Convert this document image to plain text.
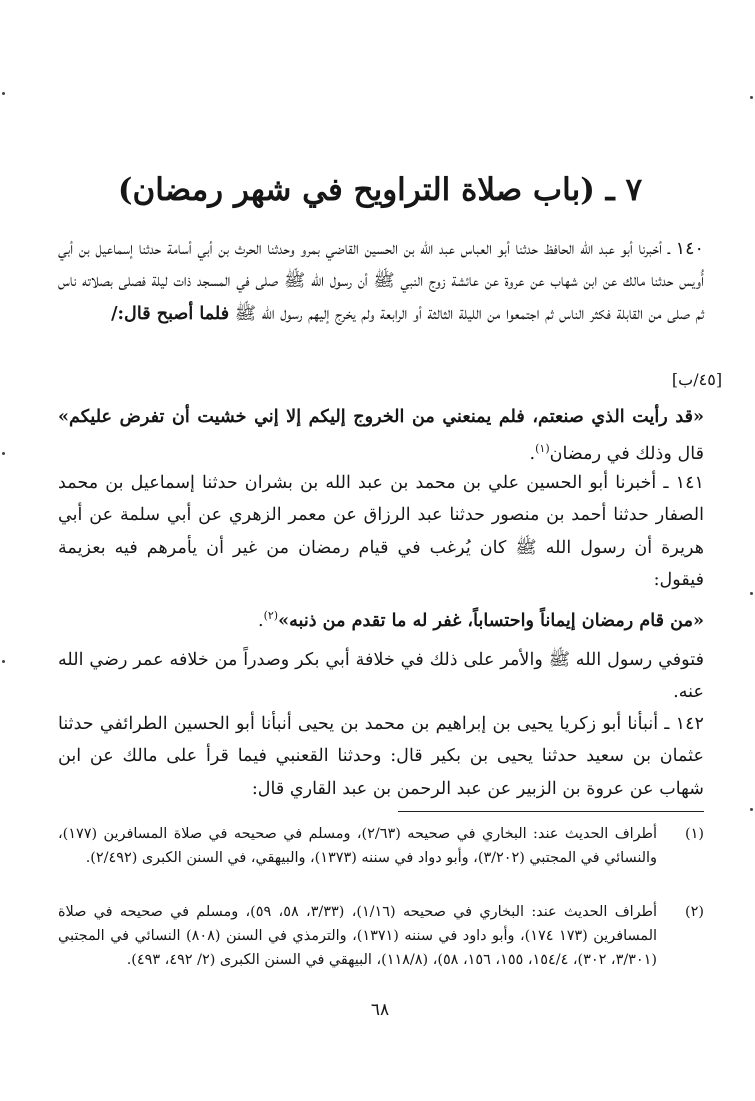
٧ ـ (باب صلاة التراويح في شهر رمضان)

١٤٠ ـ أخبرنا أبو عبد الله الحافظ حدثنا أبو العباس عبد الله بن الحسين القاضي بمرو وحدثنا الحرث بن أبي أسامة حدثنا إسماعيل بن أبي أُويس حدثنا مالك عن ابن شهاب عن عروة عن عائشة زوج النبي ﷺ أن رسول الله ﷺ صلى في المسجد ذات ليلة فصلى بصلاته ناس ثم صلى من القابلة فكثر الناس ثم اجتمعوا من الليلة الثالثة أو الرابعة ولم يخرج إليهم رسول الله ﷺ فلما أصبح قال:/

[٤٥/ب]

«قد رأيت الذي صنعتم، فلم يمنعني من الخروج إليكم إلا إني خشيت أن تفرض عليكم» قال وذلك في رمضان$^{(١)}$.

١٤١ ـ أخبرنا أبو الحسين علي بن محمد بن عبد الله بن بشران حدثنا إسماعيل بن محمد الصفار حدثنا أحمد بن منصور حدثنا عبد الرزاق عن معمر الزهري عن أبي سلمة عن أبي هريرة أن رسول الله ﷺ كان يُرغب في قيام رمضان من غير أن يأمرهم فيه بعزيمة فيقول:

«من قام رمضان إيماناً واحتساباً، غفر له ما تقدم من ذنبه»$^{(٢)}$.

فتوفي رسول الله ﷺ والأمر على ذلك في خلافة أبي بكر وصدراً من خلافه عمر رضي الله عنه.

١٤٢ ـ أنبأنا أبو زكريا يحيى بن إبراهيم بن محمد بن يحيى أنبأنا أبو الحسين الطرائفي حدثنا عثمان بن سعيد حدثنا يحيى بن بكير قال: وحدثنا القعنبي فيما قرأ على مالك عن ابن شهاب عن عروة بن الزبير عن عبد الرحمن بن عبد القاري قال:

(١)
أطراف الحديث عند: البخاري في صحيحه (٢/٦٣)، ومسلم في صحيحه في صلاة المسافرين (١٧٧)، والنسائي في المجتبي (٣/٢٠٢)، وأبو دواد في سننه (١٣٧٣)، والبيهقي، في السنن الكبرى (٢/٤٩٢).
(٢)
أطراف الحديث عند: البخاري في صحيحه (١/١٦)، (٣/٣٣، ٥٨، ٥٩)، ومسلم في صحيحه في صلاة المسافرين (١٧٣ ١٧٤)، وأبو داود في سننه (١٣٧١)، والترمذي في السنن (٨٠٨) النسائي في المجتبي (٣/٣٠١، ٣٠٢)، ١٥٤/٤، ١٥٥، ١٥٦، ٥٨)، (١١٨/٨)، البيهقي في السنن الكبرى (٢/ ٤٩٢، ٤٩٣).
٦٨
